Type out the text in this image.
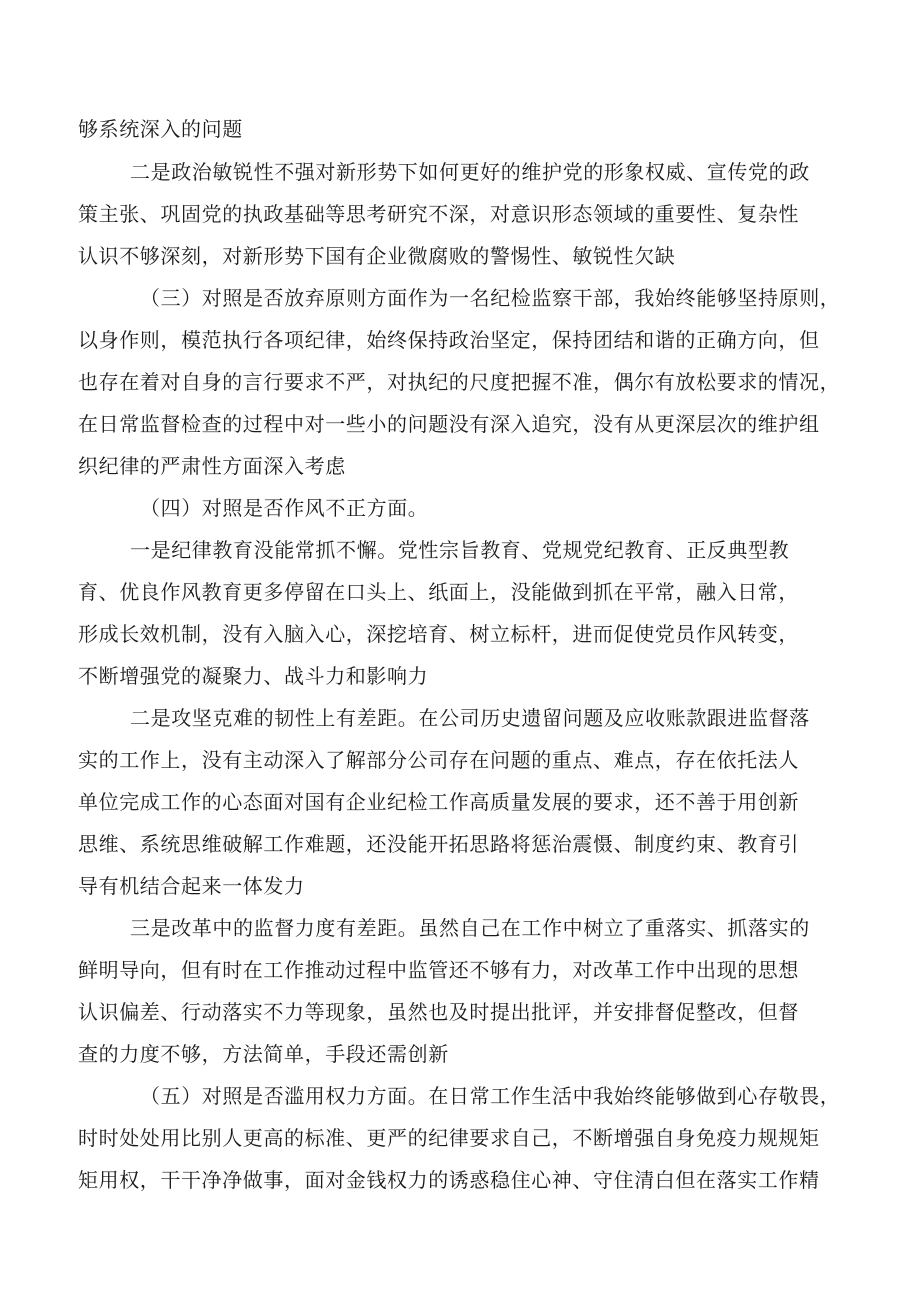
够系统深入的问题
二是政治敏锐性不强对新形势下如何更好的维护党的形象权威、宣传党的政
策主张、巩固党的执政基础等思考研究不深，对意识形态领域的重要性、复杂性
认识不够深刻，对新形势下国有企业微腐败的警惕性、敏锐性欠缺
（三）对照是否放弃原则方面作为一名纪检监察干部，我始终能够坚持原则，
以身作则，模范执行各项纪律，始终保持政治坚定，保持团结和谐的正确方向，但
也存在着对自身的言行要求不严，对执纪的尺度把握不准，偶尔有放松要求的情况，
在日常监督检查的过程中对一些小的问题没有深入追究，没有从更深层次的维护组
织纪律的严肃性方面深入考虑
（四）对照是否作风不正方面。
一是纪律教育没能常抓不懈。党性宗旨教育、党规党纪教育、正反典型教
育、优良作风教育更多停留在口头上、纸面上，没能做到抓在平常，融入日常，
形成长效机制，没有入脑入心，深挖培育、树立标杆，进而促使党员作风转变，
不断增强党的凝聚力、战斗力和影响力
二是攻坚克难的韧性上有差距。在公司历史遗留问题及应收账款跟进监督落
实的工作上，没有主动深入了解部分公司存在问题的重点、难点，存在依托法人
单位完成工作的心态面对国有企业纪检工作高质量发展的要求，还不善于用创新
思维、系统思维破解工作难题，还没能开拓思路将惩治震慑、制度约束、教育引
导有机结合起来一体发力
三是改革中的监督力度有差距。虽然自己在工作中树立了重落实、抓落实的
鲜明导向，但有时在工作推动过程中监管还不够有力，对改革工作中出现的思想
认识偏差、行动落实不力等现象，虽然也及时提出批评，并安排督促整改，但督
查的力度不够，方法简单，手段还需创新
（五）对照是否滥用权力方面。在日常工作生活中我始终能够做到心存敬畏，
时时处处用比别人更高的标准、更严的纪律要求自己，不断增强自身免疫力规规矩
矩用权，干干净净做事，面对金钱权力的诱惑稳住心神、守住清白但在落实工作精
